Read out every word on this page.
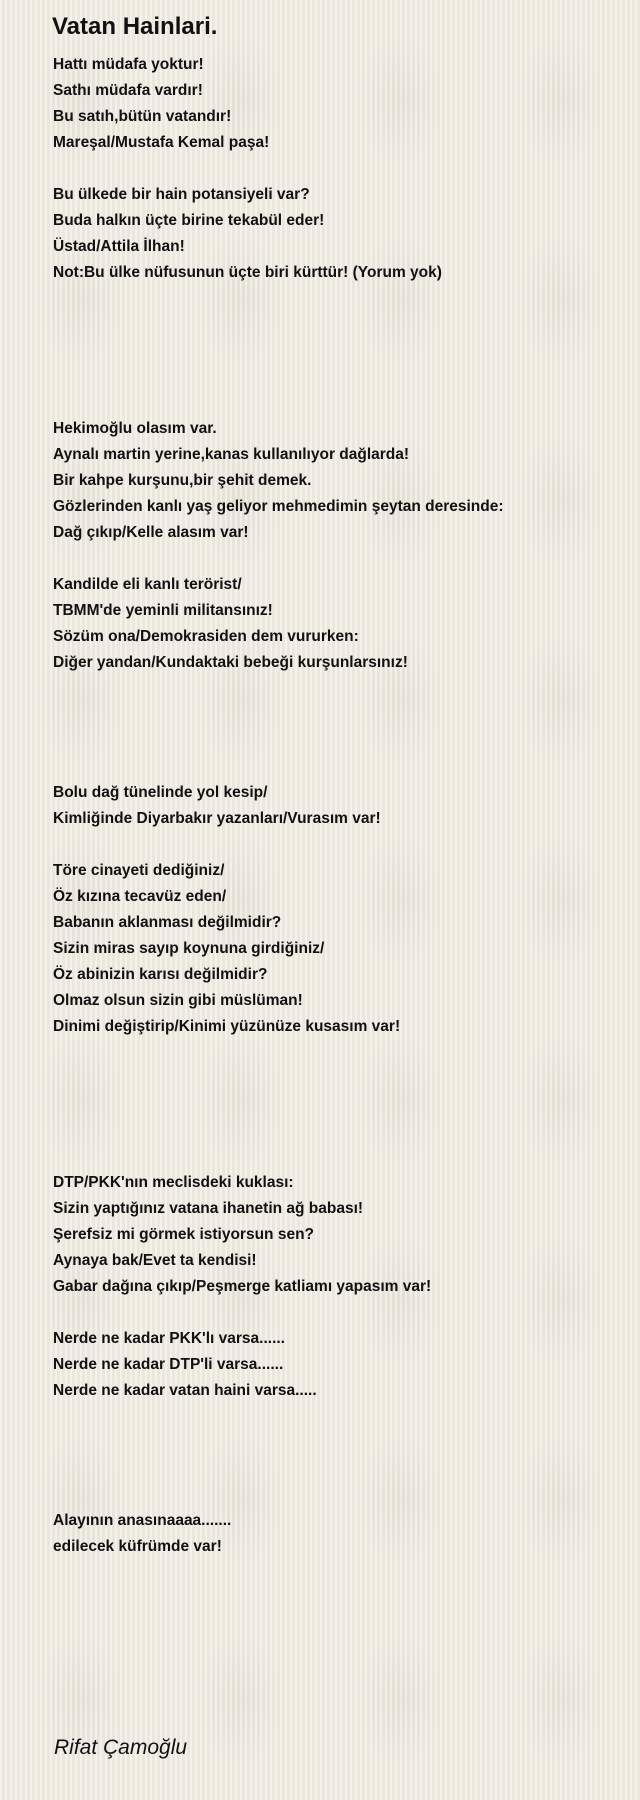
Vatan Hainlari.
Hattı müdafa yoktur!
Sathı müdafa vardır!
Bu satıh,bütün vatandır!
Mareşal/Mustafa Kemal paşa!
Bu ülkede bir hain potansiyeli var?
Buda halkın üçte birine tekabül eder!
Üstad/Attila İlhan!
Not:Bu ülke nüfusunun üçte biri kürttür! (Yorum yok)
Hekimoğlu olasım var.
Aynalı martin yerine,kanas kullanılıyor dağlarda!
Bir kahpe kurşunu,bir şehit demek.
Gözlerinden kanlı yaş geliyor mehmedimin şeytan deresinde:
Dağ çıkıp/Kelle alasım var!
Kandilde eli kanlı terörist/
TBMM'de yeminli militansınız!
Sözüm ona/Demokrasiden dem vururken:
Diğer yandan/Kundaktaki bebeği kurşunlarsınız!
Bolu dağ tünelinde yol kesip/
Kimliğinde Diyarbakır yazanları/Vurasım var!
Töre cinayeti dediğiniz/
Öz kızına tecavüz eden/
Babanın aklanması değilmidir?
Sizin miras sayıp koynuna girdiğiniz/
Öz abinizin karısı değilmidir?
Olmaz olsun sizin gibi müslüman!
Dinimi değiştirip/Kinimi yüzünüze kusasım var!
DTP/PKK'nın meclisdeki kuklası:
Sizin yaptığınız vatana ihanetin ağ babası!
Şerefsiz mi görmek istiyorsun sen?
Aynaya bak/Evet ta kendisi!
Gabar dağına çıkıp/Peşmerge katliamı yapasım var!
Nerde ne kadar PKK'lı varsa......
Nerde ne kadar DTP'li varsa......
Nerde ne kadar vatan haini varsa.....
Alayının anasınaaaa.......
edilecek küfrümde var!

Rifat Çamoğlu
